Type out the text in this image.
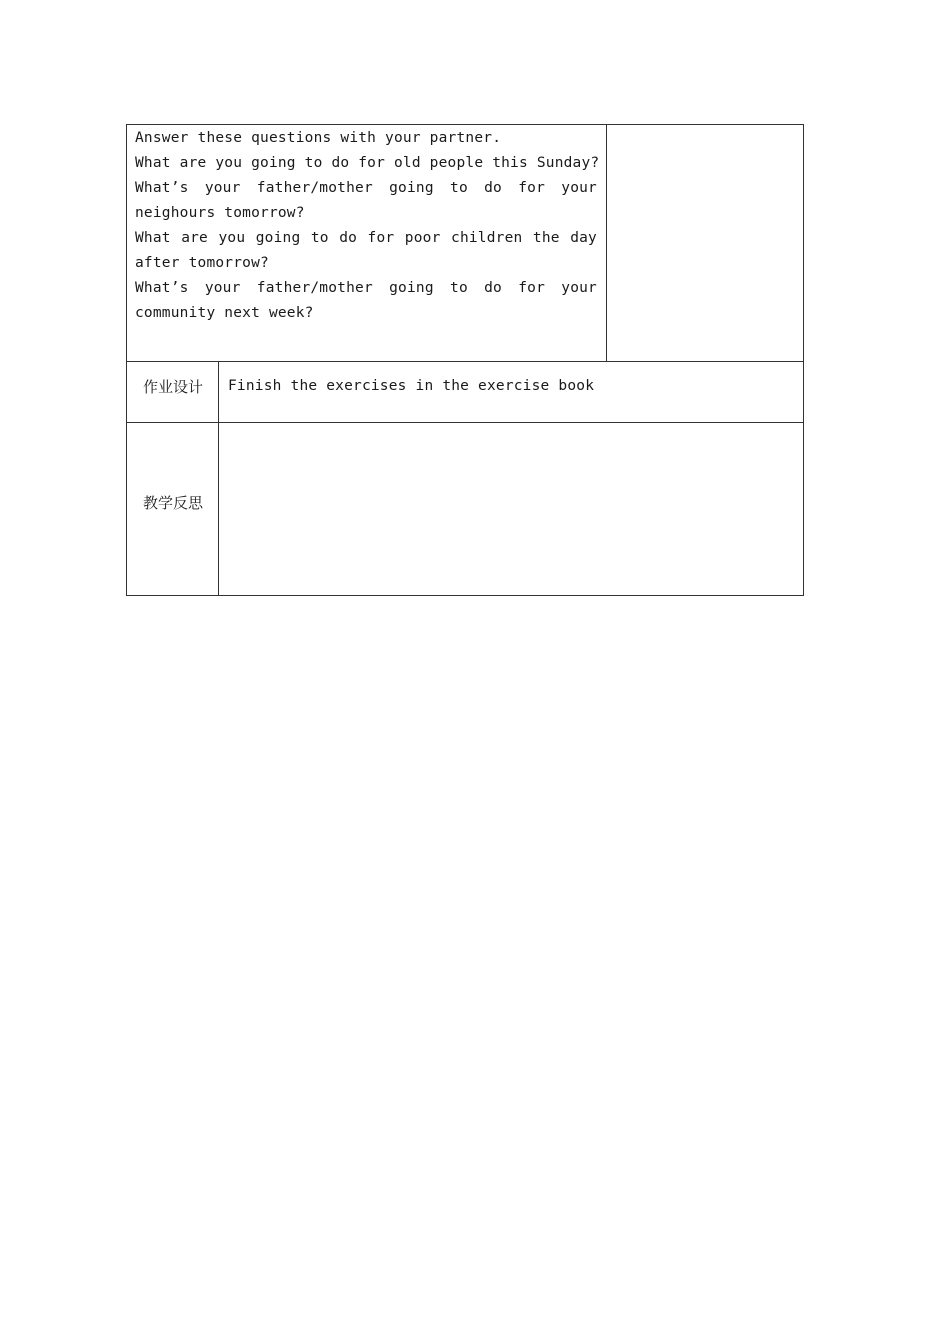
Answer these questions with your partner.
What are you going to do for old people this Sunday?
What’s your father/mother going to do for your
neighours tomorrow?
What are you going to do for poor children the day
after tomorrow?
What’s your father/mother going to do for your
community next week?
作业设计	Finish the exercises in the exercise book
教学反思
